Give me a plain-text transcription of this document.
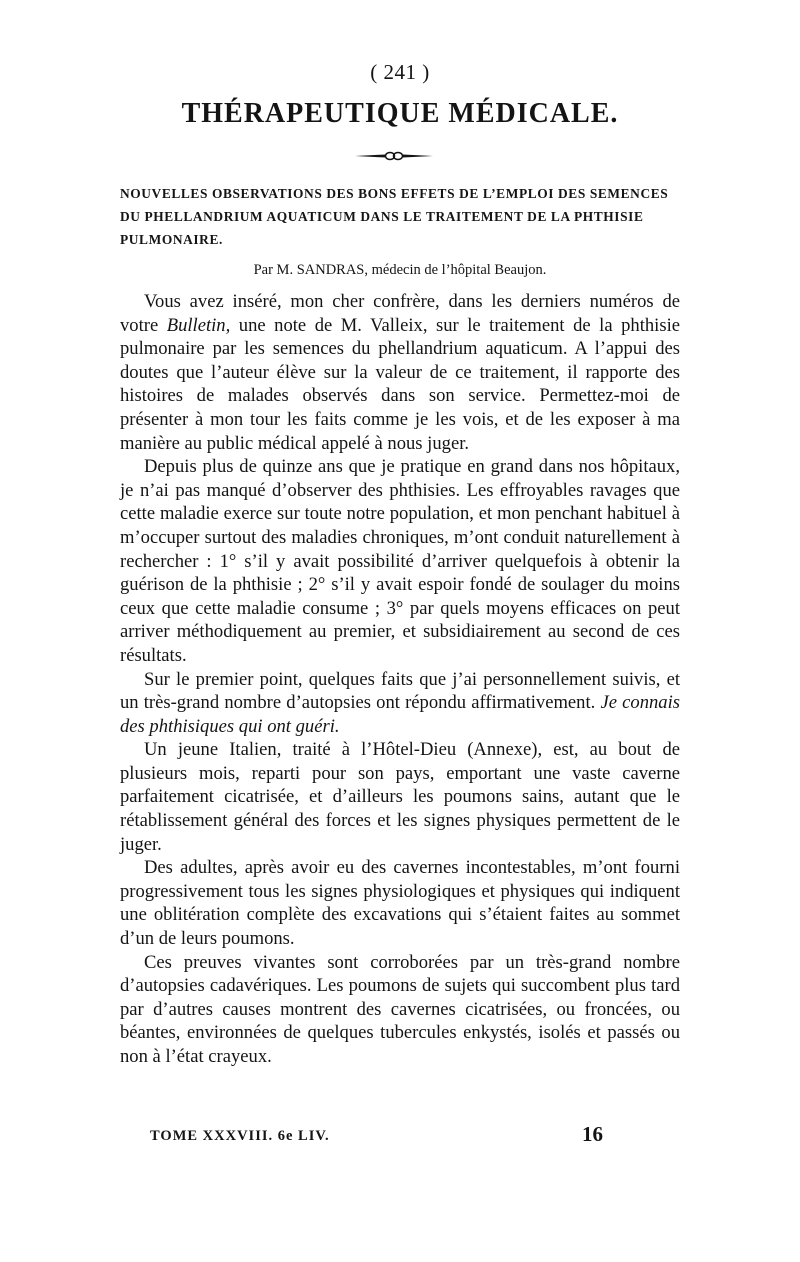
( 241 )
THÉRAPEUTIQUE MÉDICALE.
NOUVELLES OBSERVATIONS DES BONS EFFETS DE L’EMPLOI DES SEMENCES DU PHELLANDRIUM AQUATICUM DANS LE TRAITEMENT DE LA PHTHISIE PULMONAIRE.
Par M. SANDRAS, médecin de l’hôpital Beaujon.

Vous avez inséré, mon cher confrère, dans les derniers numéros de votre Bulletin, une note de M. Valleix, sur le traitement de la phthisie pulmonaire par les semences du phellandrium aquaticum. A l’appui des doutes que l’auteur élève sur la valeur de ce traitement, il rapporte des histoires de malades observés dans son service. Permettez-moi de présenter à mon tour les faits comme je les vois, et de les exposer à ma manière au public médical appelé à nous juger.

Depuis plus de quinze ans que je pratique en grand dans nos hôpitaux, je n’ai pas manqué d’observer des phthisies. Les effroyables ravages que cette maladie exerce sur toute notre population, et mon penchant habituel à m’occuper surtout des maladies chroniques, m’ont conduit naturellement à rechercher : 1° s’il y avait possibilité d’arriver quelquefois à obtenir la guérison de la phthisie ; 2° s’il y avait espoir fondé de soulager du moins ceux que cette maladie consume ; 3° par quels moyens efficaces on peut arriver méthodiquement au premier, et subsidiairement au second de ces résultats.

Sur le premier point, quelques faits que j’ai personnellement suivis, et un très-grand nombre d’autopsies ont répondu affirmativement. Je connais des phthisiques qui ont guéri.

Un jeune Italien, traité à l’Hôtel-Dieu (Annexe), est, au bout de plusieurs mois, reparti pour son pays, emportant une vaste caverne parfaitement cicatrisée, et d’ailleurs les poumons sains, autant que le rétablissement général des forces et les signes physiques permettent de le juger.

Des adultes, après avoir eu des cavernes incontestables, m’ont fourni progressivement tous les signes physiologiques et physiques qui indiquent une oblitération complète des excavations qui s’étaient faites au sommet d’un de leurs poumons.

Ces preuves vivantes sont corroborées par un très-grand nombre d’autopsies cadavériques. Les poumons de sujets qui succombent plus tard par d’autres causes montrent des cavernes cicatrisées, ou froncées, ou béantes, environnées de quelques tubercules enkystés, isolés et passés ou non à l’état crayeux.

TOME XXXVIII. 6e LIV.	16
